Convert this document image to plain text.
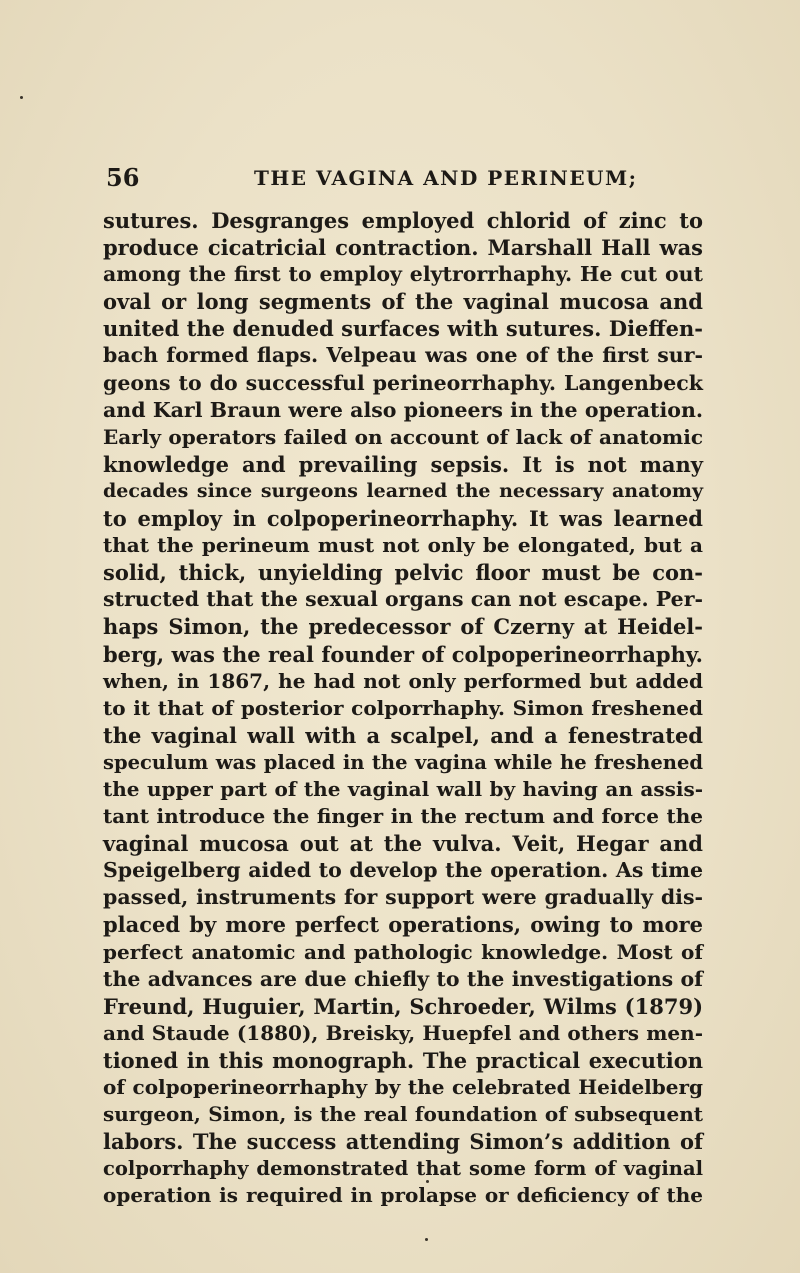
56	THE VAGINA AND PERINEUM;
sutures. Desgranges employed chlorid of zinc to
produce cicatricial contraction. Marshall Hall was
among the first to employ elytrorrhaphy. He cut out
oval or long segments of the vaginal mucosa and
united the denuded surfaces with sutures. Dieffen-
bach formed flaps. Velpeau was one of the first sur-
geons to do successful perineorrhaphy. Langenbeck
and Karl Braun were also pioneers in the operation.
Early operators failed on account of lack of anatomic
knowledge and prevailing sepsis. It is not many
decades since surgeons learned the necessary anatomy
to employ in colpoperineorrhaphy. It was learned
that the perineum must not only be elongated, but a
solid, thick, unyielding pelvic floor must be con-
structed that the sexual organs can not escape. Per-
haps Simon, the predecessor of Czerny at Heidel-
berg, was the real founder of colpoperineorrhaphy.
when, in 1867, he had not only performed but added
to it that of posterior colporrhaphy. Simon freshened
the vaginal wall with a scalpel, and a fenestrated
speculum was placed in the vagina while he freshened
the upper part of the vaginal wall by having an assis-
tant introduce the finger in the rectum and force the
vaginal mucosa out at the vulva. Veit, Hegar and
Speigelberg aided to develop the operation. As time
passed, instruments for support were gradually dis-
placed by more perfect operations, owing to more
perfect anatomic and pathologic knowledge. Most of
the advances are due chiefly to the investigations of
Freund, Huguier, Martin, Schroeder, Wilms (1879)
and Staude (1880), Breisky, Huepfel and others men-
tioned in this monograph. The practical execution
of colpoperineorrhaphy by the celebrated Heidelberg
surgeon, Simon, is the real foundation of subsequent
labors. The success attending Simon’s addition of
colporrhaphy demonstrated that some form of vaginal
operation is required in prolapse or deficiency of the
